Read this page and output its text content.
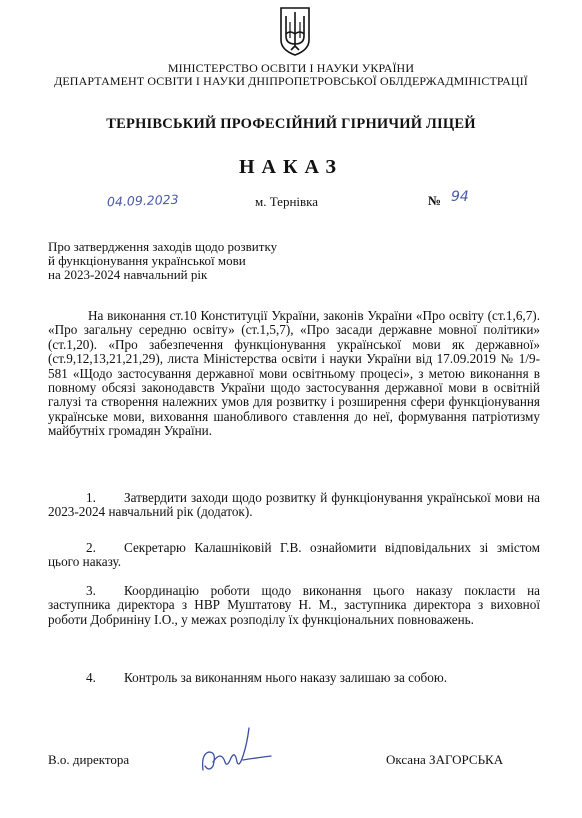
МІНІСТЕРСТВО ОСВІТИ І НАУКИ УКРАЇНИ
ДЕПАРТАМЕНТ ОСВІТИ І НАУКИ ДНІПРОПЕТРОВСЬКОЇ ОБЛДЕРЖАДМІНІСТРАЦІЇ
ТЕРНІВСЬКИЙ ПРОФЕСІЙНИЙ ГІРНИЧИЙ ЛІЦЕЙ
НАКАЗ
04.09.2023	м. Тернівка	№ 94
Про затвердження заходів щодо розвитку
й функціонування української мови
на 2023-2024 навчальний рік
На виконання ст.10 Конституції України, законів України «Про освіту (ст.1,6,7). «Про загальну середню освіту» (ст.1,5,7), «Про засади державне мовної політики» (ст.1,20). «Про забезпечення функціонування української мови як державної» (ст.9,12,13,21,21,29), листа Міністерства освіти і науки України від 17.09.2019 № 1/9-581 «Щодо застосування державної мови освітньому процесі», з метою виконання в повному обсязі законодавств України щодо застосування державної мови в освітній галузі та створення належних умов для розвитку і розширення сфери функціонування українське мови, виховання шанобливого ставлення до неї, формування патріотизму майбутніх громадян України.
1. Затвердити заходи щодо розвитку й функціонування української мови на 2023-2024 навчальний рік (додаток).
2. Секретарю Калашніковій Г.В. ознайомити відповідальних зі змістом цього наказу.
3. Координацію роботи щодо виконання цього наказу покласти на заступника директора з НВР Муштатову Н. М., заступника директора з виховної роботи Добриніну І.О., у межах розподілу їх функціональних повноважень.
4. Контроль за виконанням нього наказу залишаю за собою.
В.о. директора	Оксана ЗАГОРСЬКА
